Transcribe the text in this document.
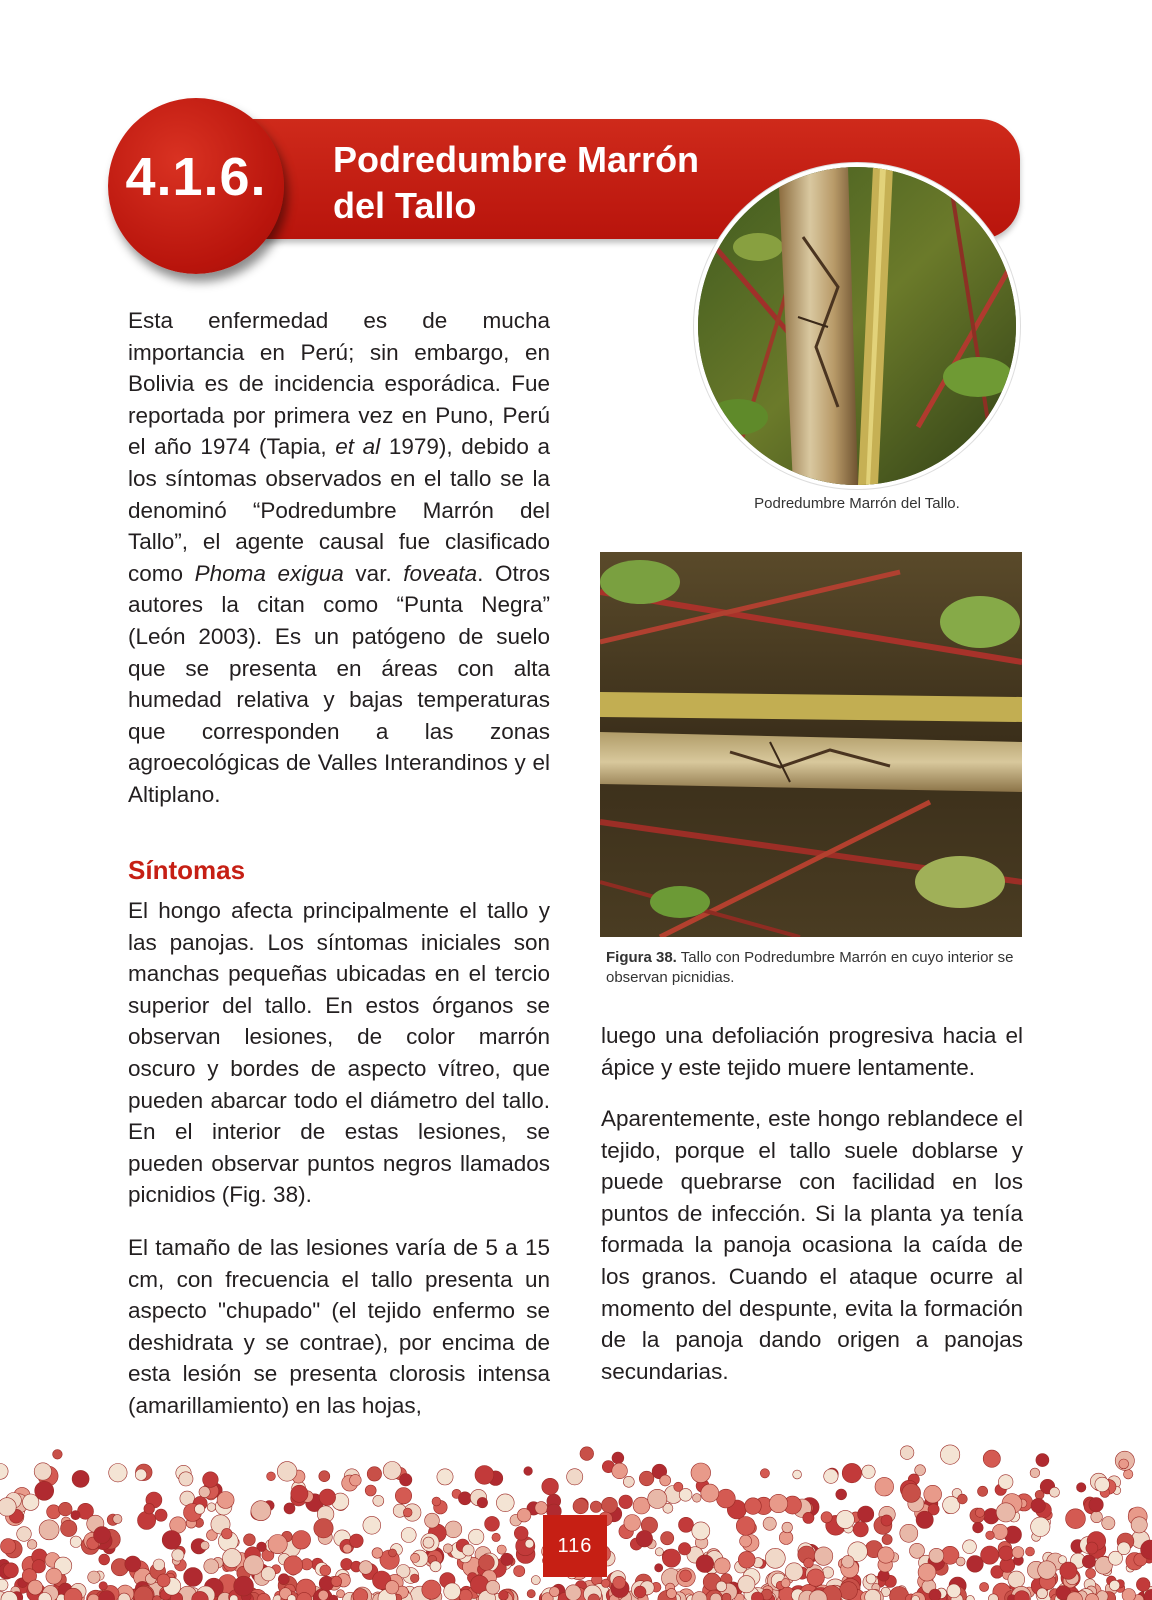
4.1.6.	Podredumbre Marrón
del Tallo
Podredumbre Marrón del Tallo.
Figura 38. Tallo con Podredumbre Marrón en cuyo interior se observan picnidias.

Esta enfermedad es de mucha importancia en Perú; sin embargo, en Bolivia es de incidencia esporádica. Fue reportada por primera vez en Puno, Perú el año 1974 (Tapia, et al 1979), debido a los síntomas observados en el tallo se la denominó “Podredumbre Marrón del Tallo”, el agente causal fue clasificado como Phoma exigua var. foveata. Otros autores la citan como “Punta Negra” (León 2003). Es un patógeno de suelo que se presenta en áreas con alta humedad relativa y bajas temperaturas que corresponden a las zonas agroecológicas de Valles Interandinos y el Altiplano.

Síntomas

El hongo afecta principalmente el tallo y las panojas. Los síntomas iniciales son manchas pequeñas ubicadas en el tercio superior del tallo. En estos órganos se observan lesiones, de color marrón oscuro y bordes de aspecto vítreo, que pueden abarcar todo el diámetro del tallo. En el interior de estas lesiones, se pueden observar puntos negros llamados picnidios (Fig. 38).

El tamaño de las lesiones varía de 5 a 15 cm, con frecuencia el tallo presenta un aspecto "chupado" (el tejido enfermo se deshidrata y se contrae), por encima de esta lesión se presenta clorosis intensa (amarillamiento) en las hojas,

luego una defoliación progresiva hacia el ápice y este tejido muere lentamente.

Aparentemente, este hongo reblandece el tejido, porque el tallo suele doblarse y puede quebrarse con facilidad en los puntos de infección. Si la planta ya tenía formada la panoja ocasiona la caída de los granos. Cuando el ataque ocurre al momento del despunte, evita la formación de la panoja dando origen a panojas secundarias.

116
